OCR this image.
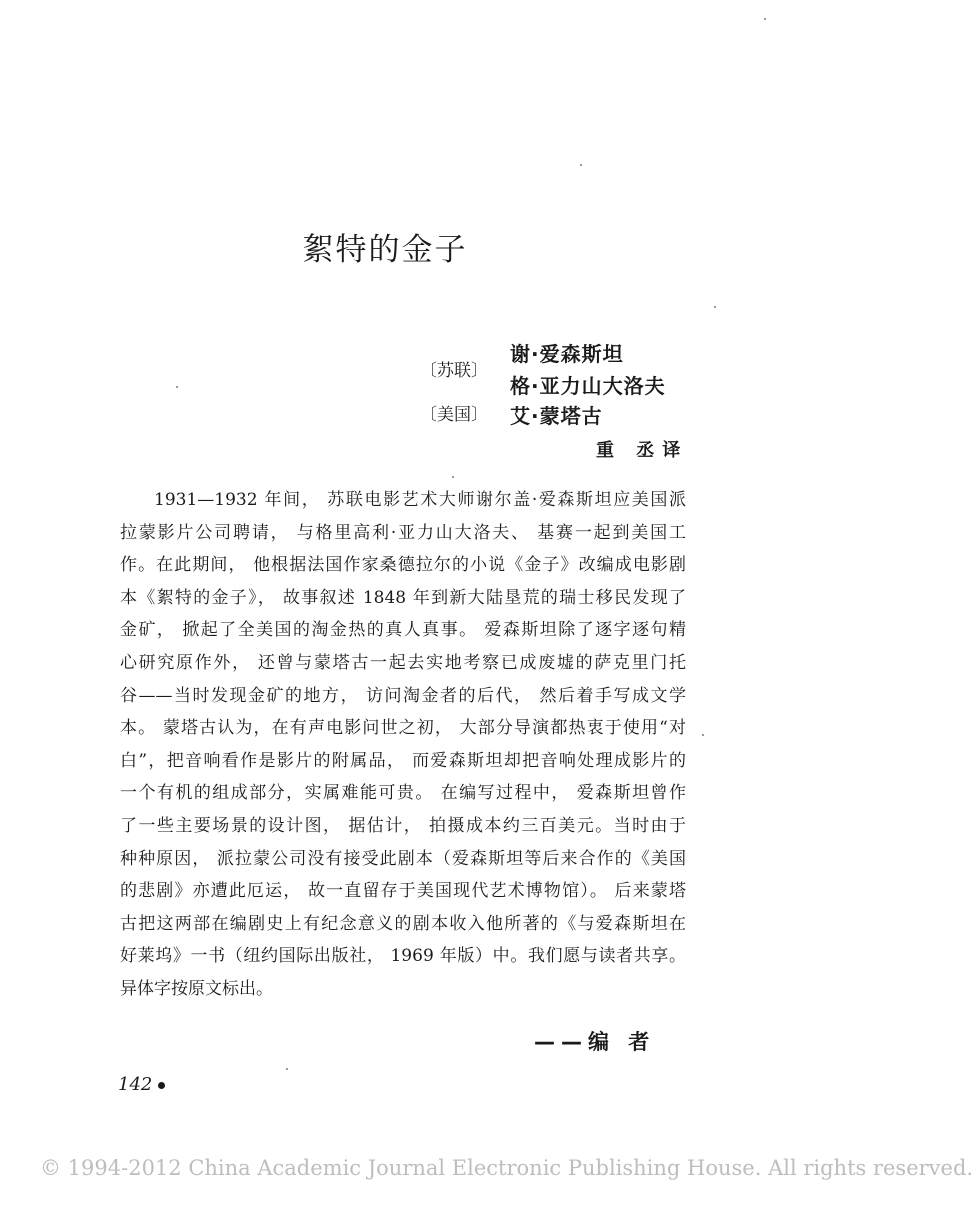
絮特的金子
〔苏联〕
谢·爱森斯坦
格·亚力山大洛夫
〔美国〕 艾·蒙塔古
重 丞译
1931—1932 年间， 苏联电影艺术大师谢尔盖·爱森斯坦应美国派
拉蒙影片公司聘请， 与格里高利·亚力山大洛夫、 基赛一起到美国工
作。在此期间， 他根据法国作家桑德拉尔的小说《金子》改编成电影剧
本《絮特的金子》， 故事叙述 1848 年到新大陆垦荒的瑞士移民发现了
金矿， 掀起了全美国的淘金热的真人真事。 爱森斯坦除了逐字逐句精
心研究原作外， 还曾与蒙塔古一起去实地考察已成废墟的萨克里门托
谷——当时发现金矿的地方， 访问淘金者的后代， 然后着手写成文学
本。 蒙塔古认为，在有声电影问世之初， 大部分导演都热衷于使用“对
白”，把音响看作是影片的附属品， 而爱森斯坦却把音响处理成影片的
一个有机的组成部分，实属难能可贵。 在编写过程中， 爱森斯坦曾作
了一些主要场景的设计图， 据估计， 拍摄成本约三百美元。当时由于
种种原因， 派拉蒙公司没有接受此剧本（爱森斯坦等后来合作的《美国
的悲剧》亦遭此厄运， 故一直留存于美国现代艺术博物馆）。 后来蒙塔
古把这两部在编剧史上有纪念意义的剧本收入他所著的《与爱森斯坦在
好莱坞》一书（纽约国际出版社， 1969 年版）中。我们愿与读者共享。
异体字按原文标出。
——编 者
142
© 1994-2012 China Academic Journal Electronic Publishing House. All rights reserved.
